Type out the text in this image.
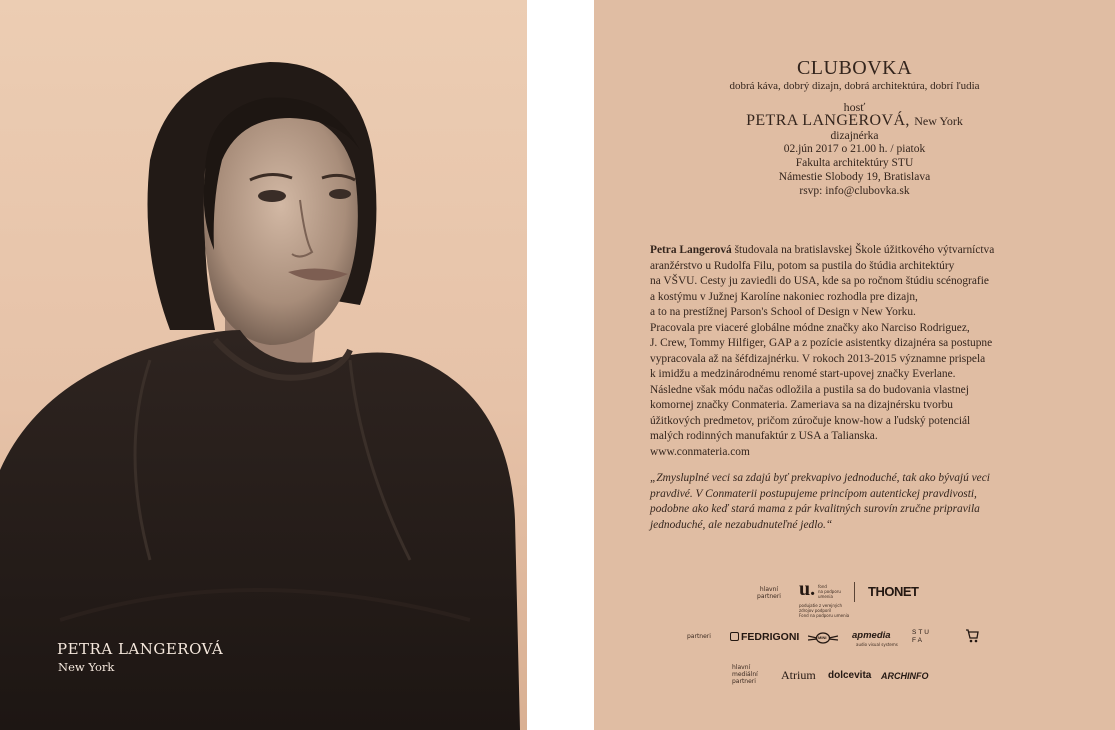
PETRA LANGEROVÁ
New York
CLUBOVKA
dobrá káva, dobrý dizajn, dobrá architektúra, dobrí ľudia
hosť
PETRA LANGEROVÁ, New York
dizajnérka
02.jún 2017 o 21.00 h. / piatok
Fakulta architektúry STU
Námestie Slobody 19, Bratislava
rsvp: info@clubovka.sk
Petra Langerová študovala na bratislavskej Škole úžitkového výtvarníctva
aranžérstvo u Rudolfa Filu, potom sa pustila do štúdia architektúry
na VŠVU. Cesty ju zaviedli do USA, kde sa po ročnom štúdiu scénografie
a kostýmu v Južnej Karolíne nakoniec rozhodla pre dizajn,
a to na prestížnej Parson's School of Design v New Yorku.
Pracovala pre viaceré globálne módne značky ako Narciso Rodriguez,
J. Crew, Tommy Hilfiger, GAP a z pozície asistentky dizajnéra sa postupne
vypracovala až na šéfdizajnérku. V rokoch 2013-2015 významne prispela
k imidžu a medzinárodnému renomé start-upovej značky Everlane.
Následne však módu načas odložila a pustila sa do budovania vlastnej
komornej značky Conmateria. Zameriava sa na dizajnérsku tvorbu
úžitkových predmetov, pričom zúročuje know-how a ľudský potenciál
malých rodinných manufaktúr z USA a Talianska.
www.conmateria.com
„Zmysluplné veci sa zdajú byť prekvapivo jednoduché, tak ako bývajú veci
pravdivé. V Conmaterii postupujeme princípom autentickej pravdivosti,
podobne ako keď stará mama z pár kvalitných surovín zručne pripravila
jednoduché, ale nezabudnuteľné jedlo.“
hlavní
partneri u. fond
na podporu
umenia
podujatie z verejných
zdrojov podporil
Fond na podporu umenia
THONET
partneri	FEDRIGONI	MINI	apmedia
audio visual systems
STU
FA
hlavní
mediální
partneri	Atrium dolcevita ARCHINFO
